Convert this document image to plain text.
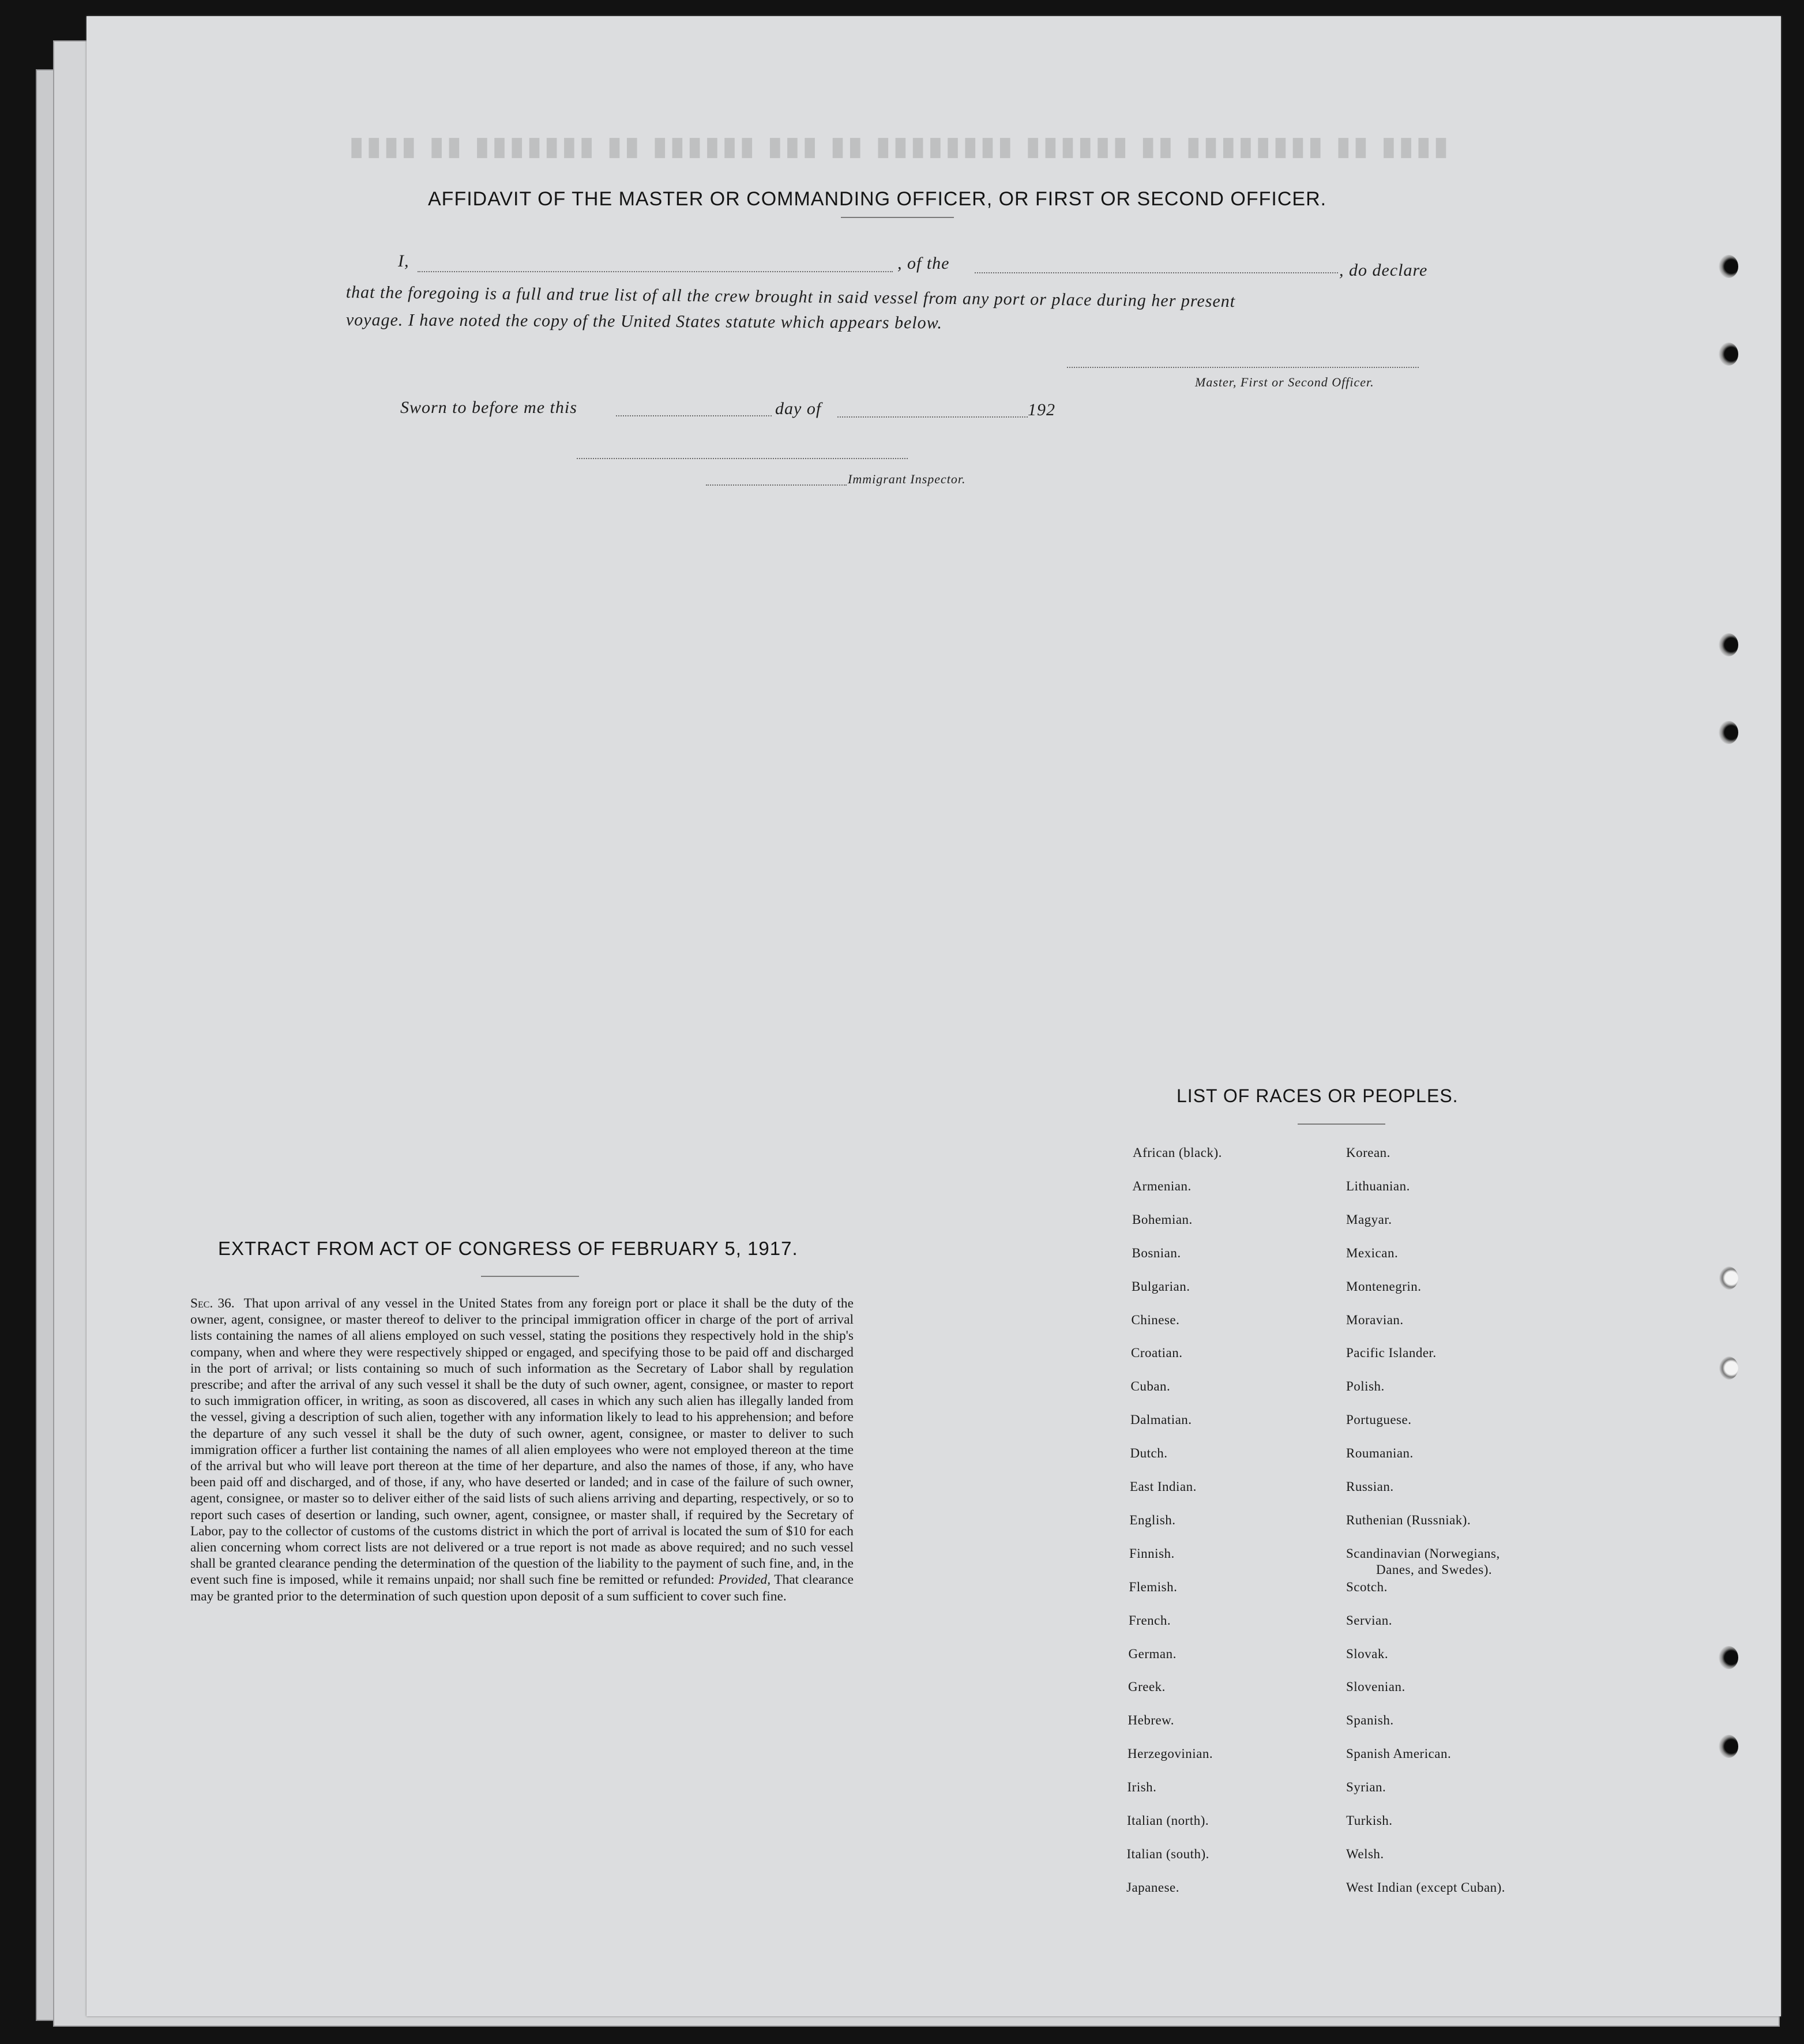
▮▮▮▮ ▮▮ ▮▮▮▮▮▮▮▮ ▮▮ ▮▮▮▮▮▮ ▮▮▮▮▮▮▮▮ ▮▮ ▮▮▮ ▮▮▮▮▮▮ ▮▮ ▮▮▮▮▮▮▮ ▮▮ ▮▮▮▮
AFFIDAVIT OF THE MASTER OR COMMANDING OFFICER, OR FIRST OR SECOND OFFICER.
I,	, of the	, do declare
that the foregoing is a full and true list of all the crew brought in said vessel from any port or place during her present
voyage. I have noted the copy of the United States statute which appears below.
Master, First or Second Officer.
Sworn to before me this	day of	192
Immigrant Inspector.
EXTRACT FROM ACT OF CONGRESS OF FEBRUARY 5, 1917.
Sec. 36. That upon arrival of any vessel in the United States from any foreign port or place it shall be the duty of the owner, agent, consignee, or master thereof to deliver to the principal immigration officer in charge of the port of arrival lists containing the names of all aliens employed on such vessel, stating the positions they respectively hold in the ship's company, when and where they were respectively shipped or engaged, and specifying those to be paid off and discharged in the port of arrival; or lists containing so much of such information as the Secretary of Labor shall by regulation prescribe; and after the arrival of any such vessel it shall be the duty of such owner, agent, consignee, or master to report to such immigration officer, in writing, as soon as discovered, all cases in which any such alien has illegally landed from the vessel, giving a description of such alien, together with any information likely to lead to his apprehension; and before the departure of any such vessel it shall be the duty of such owner, agent, consignee, or master to deliver to such immigration officer a further list containing the names of all alien employees who were not employed thereon at the time of the arrival but who will leave port thereon at the time of her departure, and also the names of those, if any, who have been paid off and discharged, and of those, if any, who have deserted or landed; and in case of the failure of such owner, agent, consignee, or master so to deliver either of the said lists of such aliens arriving and departing, respectively, or so to report such cases of desertion or landing, such owner, agent, consignee, or master shall, if required by the Secretary of Labor, pay to the collector of customs of the customs district in which the port of arrival is located the sum of $10 for each alien concerning whom correct lists are not delivered or a true report is not made as above required; and no such vessel shall be granted clearance pending the determination of the question of the liability to the payment of such fine, and, in the event such fine is imposed, while it remains unpaid; nor shall such fine be remitted or refunded: Provided, That clearance may be granted prior to the determination of such question upon deposit of a sum sufficient to cover such fine.
LIST OF RACES OR PEOPLES.
African (black).
Armenian.
Bohemian.
Bosnian.
Bulgarian.
Chinese.
Croatian.
Cuban.
Dalmatian.
Dutch.
East Indian.
English.
Finnish.
Flemish.
French.
German.
Greek.
Hebrew.
Herzegovinian.
Irish.
Italian (north).
Italian (south).
Japanese.
Korean.
Lithuanian.
Magyar.
Mexican.
Montenegrin.
Moravian.
Pacific Islander.
Polish.
Portuguese.
Roumanian.
Russian.
Ruthenian (Russniak).
Scandinavian (Norwegians,
Danes, and Swedes).
Scotch.
Servian.
Slovak.
Slovenian.
Spanish.
Spanish American.
Syrian.
Turkish.
Welsh.
West Indian (except Cuban).
